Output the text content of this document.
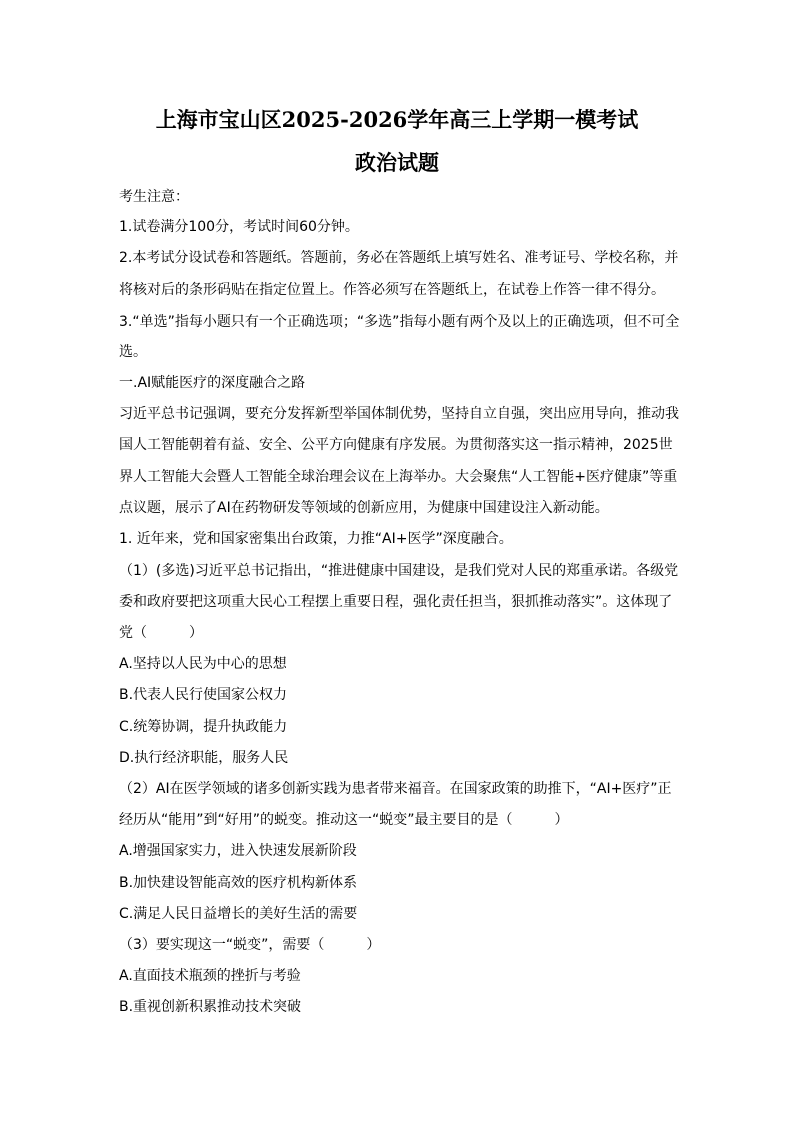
上海市宝山区2025-2026学年高三上学期一模考试
政治试题
考生注意：
1.试卷满分100分，考试时间60分钟。
2.本考试分设试卷和答题纸。答题前，务必在答题纸上填写姓名、准考证号、学校名称，并
将核对后的条形码贴在指定位置上。作答必须写在答题纸上，在试卷上作答一律不得分。
3.“单选”指每小题只有一个正确选项；“多选”指每小题有两个及以上的正确选项，但不可全
选。
一.AI赋能医疗的深度融合之路
习近平总书记强调，要充分发挥新型举国体制优势，坚持自立自强，突出应用导向，推动我
国人工智能朝着有益、安全、公平方向健康有序发展。为贯彻落实这一指示精神，2025世
界人工智能大会暨人工智能全球治理会议在上海举办。大会聚焦“人工智能+医疗健康”等重
点议题，展示了AI在药物研发等领域的创新应用，为健康中国建设注入新动能。
1. 近年来，党和国家密集出台政策，力推“AI+医学”深度融合。
（1）(多选)习近平总书记指出，“推进健康中国建设，是我们党对人民的郑重承诺。各级党
委和政府要把这项重大民心工程摆上重要日程，强化责任担当，狠抓推动落实”。这体现了
党（　　　）
A.坚持以人民为中心的思想
B.代表人民行使国家公权力
C.统筹协调，提升执政能力
D.执行经济职能，服务人民
（2）AI在医学领域的诸多创新实践为患者带来福音。在国家政策的助推下，“AI+医疗”正
经历从“能用”到“好用”的蜕变。推动这一“蜕变”最主要目的是（　　　）
A.增强国家实力，进入快速发展新阶段
B.加快建设智能高效的医疗机构新体系
C.满足人民日益增长的美好生活的需要
（3）要实现这一“蜕变”，需要（　　　）
A.直面技术瓶颈的挫折与考验
B.重视创新积累推动技术突破
